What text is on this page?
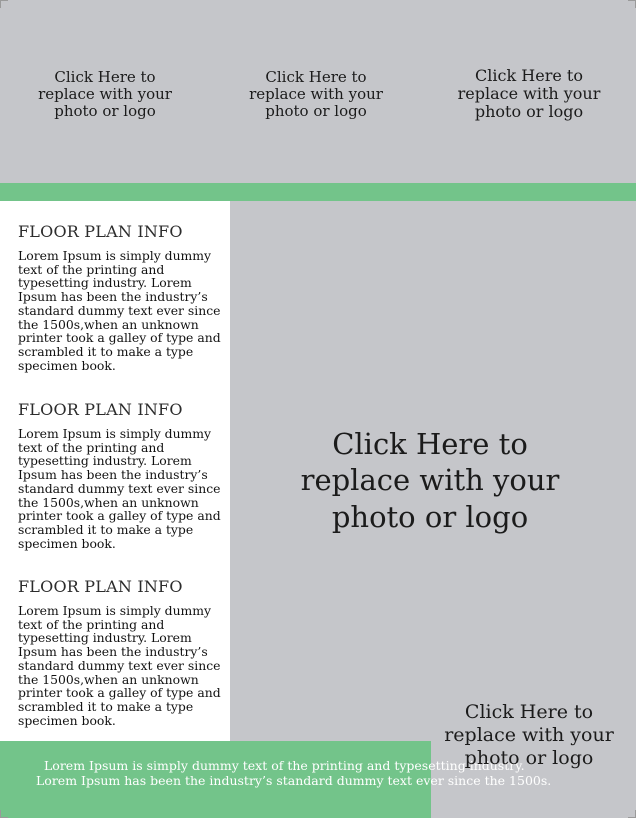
Click Here to
replace with your
photo or logo
Click Here to
replace with your
photo or logo
Click Here to
replace with your
photo or logo
Click Here to
replace with your
photo or logo
FLOOR PLAN INFO
Lorem Ipsum is simply dummy
text of the printing and
typesetting industry. Lorem
Ipsum has been the industry’s
standard dummy text ever since
the 1500s,when an unknown
printer took a galley of type and
scrambled it to make a type
specimen book.
FLOOR PLAN INFO
Lorem Ipsum is simply dummy
text of the printing and
typesetting industry. Lorem
Ipsum has been the industry’s
standard dummy text ever since
the 1500s,when an unknown
printer took a galley of type and
scrambled it to make a type
specimen book.
FLOOR PLAN INFO
Lorem Ipsum is simply dummy
text of the printing and
typesetting industry. Lorem
Ipsum has been the industry’s
standard dummy text ever since
the 1500s,when an unknown
printer took a galley of type and
scrambled it to make a type
specimen book.
Lorem Ipsum is simply dummy text of the printing and typesetting industry.
Lorem Ipsum has been the industry’s standard dummy text ever since the 1500s.
Click Here to
replace with your
photo or logo
